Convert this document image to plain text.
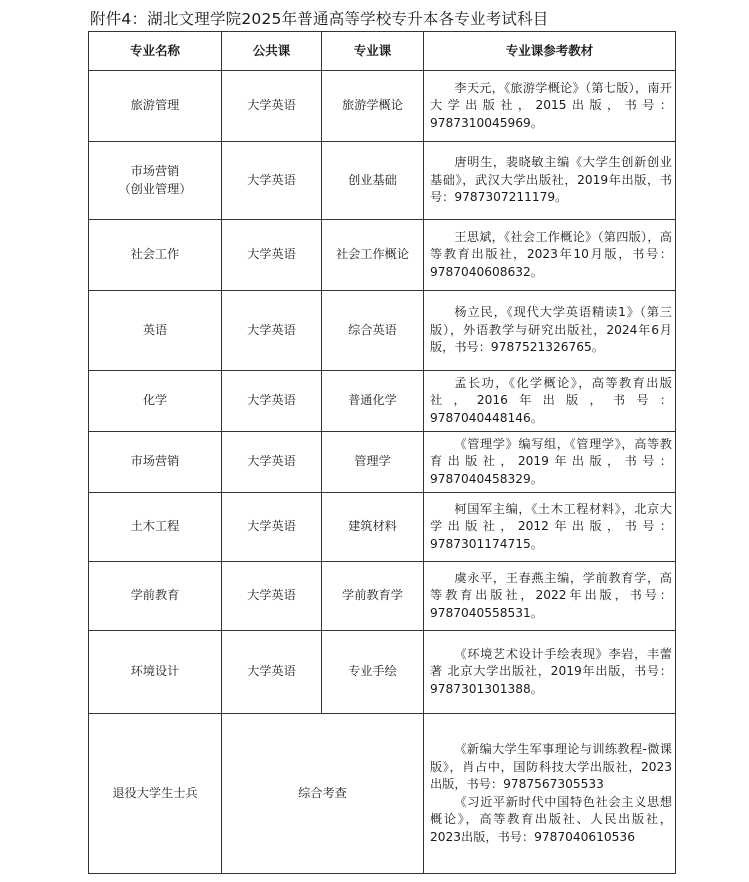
附件4：湖北文理学院2025年普通高等学校专升本各专业考试科目
专业名称	公共课	专业课	专业课参考教材
旅游管理	大学英语	旅游学概论	李天元，《旅游学概论》（第七版），南开大学出版社，2015出版，书号：9787310045969。

市场营销
（创业管理）	大学英语	创业基础	唐明生，裴晓敏主编《大学生创新创业基础》，武汉大学出版社，2019年出版，书号：9787307211179。

社会工作	大学英语	社会工作概论	王思斌，《社会工作概论》（第四版），高等教育出版社，2023年10月版，书号：9787040608632。

英语	大学英语	综合英语	杨立民，《现代大学英语精读1》（第三版），外语教学与研究出版社，2024年6月版，书号：9787521326765。

化学	大学英语	普通化学	孟长功，《化学概论》，高等教育出版社，2016年出版，书号：9787040448146。

市场营销	大学英语	管理学	《管理学》编写组，《管理学》，高等教育出版社，2019年出版，书号：9787040458329。

土木工程	大学英语	建筑材料	柯国军主编，《土木工程材料》，北京大学出版社，2012年出版，书号：9787301174715。

学前教育	大学英语	学前教育学	虞永平，王春燕主编，学前教育学，高等教育出版社，2022年出版，书号：9787040558531。

环境设计	大学英语	专业手绘	《环境艺术设计手绘表现》李岩，丰蕾著 北京大学出版社，2019年出版，书号：9787301301388。

退役大学生士兵	综合考查		《新编大学生军事理论与训练教程-微课版》，肖占中，国防科技大学出版社，2023出版，书号：9787567305533
《习近平新时代中国特色社会主义思想概论》，高等教育出版社、人民出版社，2023出版，书号：9787040610536
